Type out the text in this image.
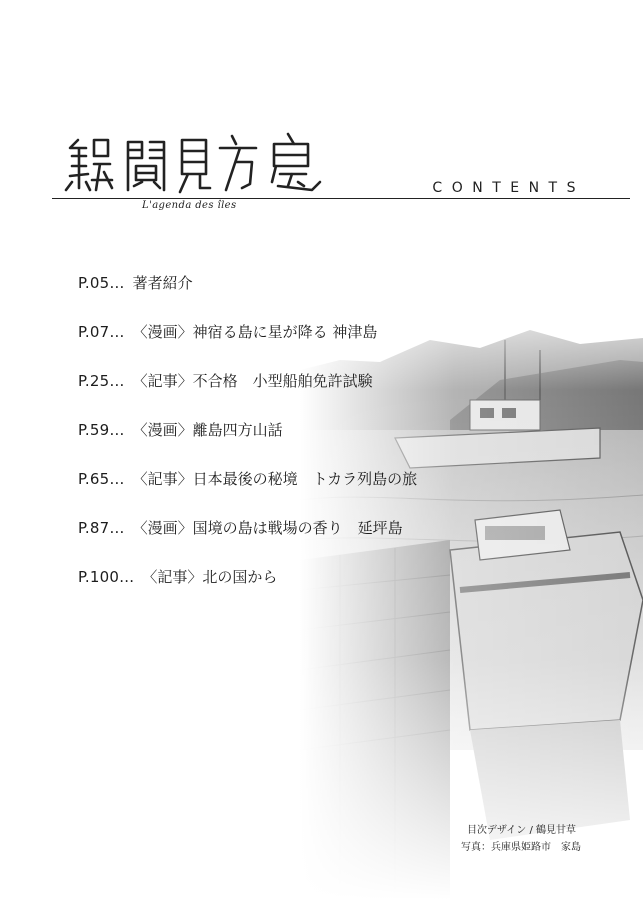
CONTENTS
L'agenda des îles
P.05… 著者紹介
P.07… 〈漫画〉神宿る島に星が降る 神津島
P.25… 〈記事〉不合格　小型船舶免許試験
P.59… 〈漫画〉離島四方山話
P.65… 〈記事〉日本最後の秘境　トカラ列島の旅
P.87… 〈漫画〉国境の島は戦場の香り　延坪島
P.100… 〈記事〉北の国から
目次デザイン / 鶴見甘草
写真：兵庫県姫路市　家島
